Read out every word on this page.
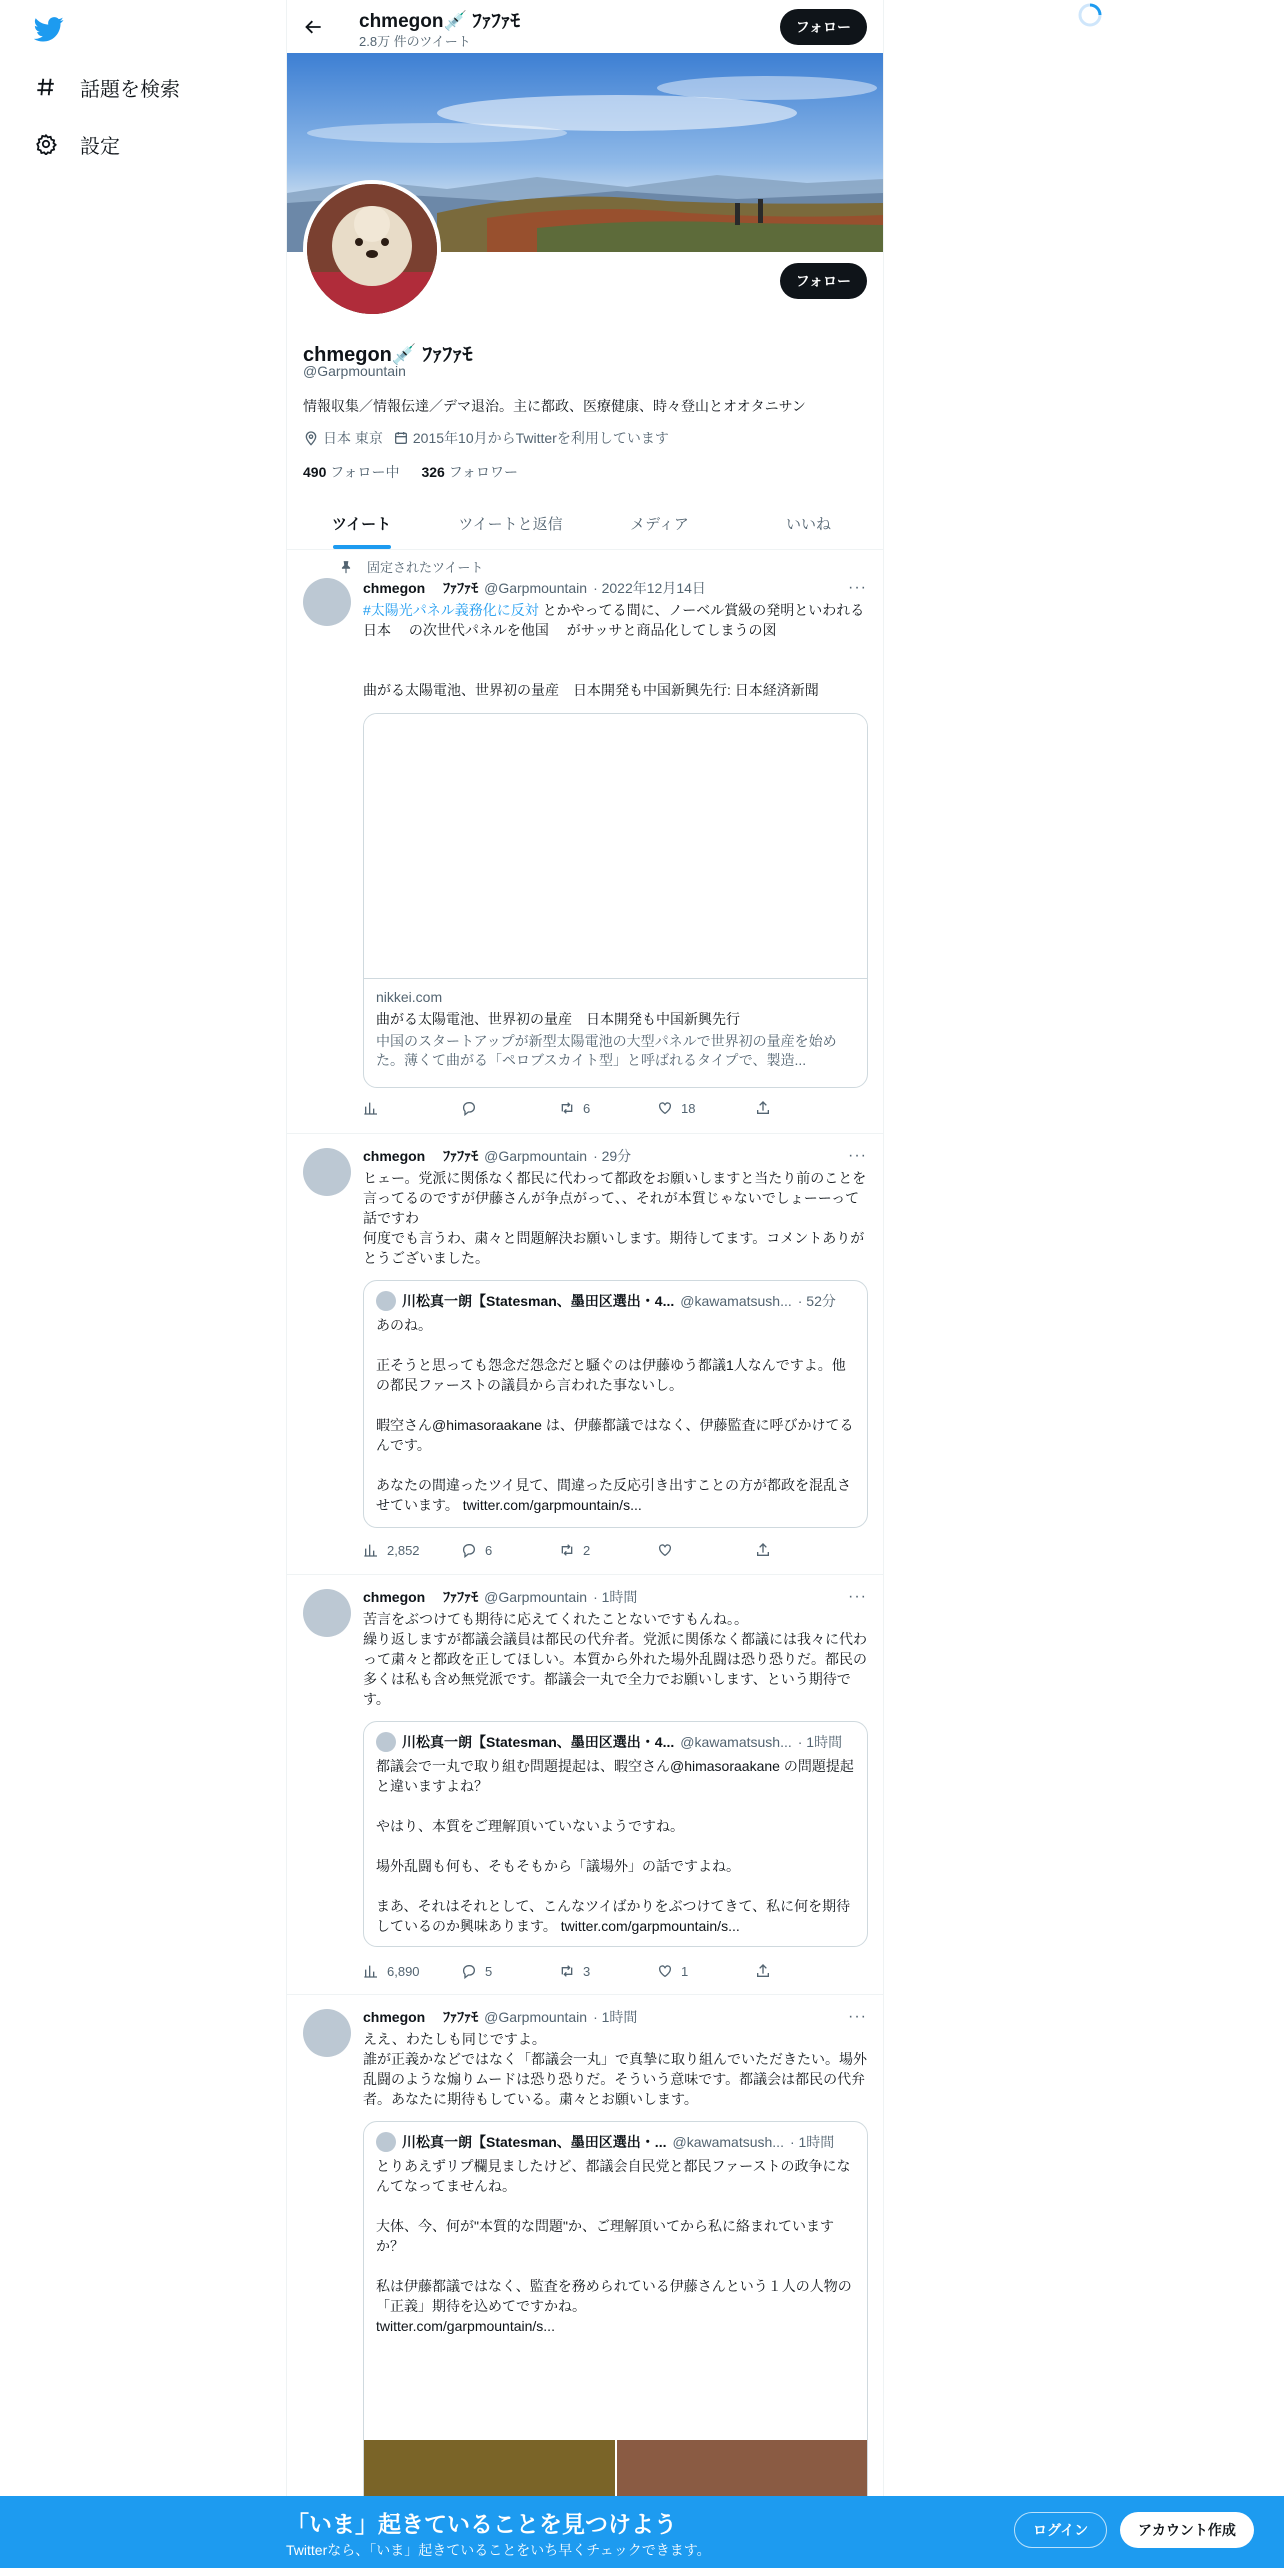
話題を検索
設定
chmegon💉 ﾌｧﾌｧﾓ
2.8万 件のツイート
フォロー
フォロー
chmegon💉 ﾌｧﾌｧﾓ
@Garpmountain
情報収集／情報伝達／デマ退治。主に都政、医療健康、時々登山とオオタニサン
日本 東京 2015年10月からTwitterを利用しています
490 フォロー中 326 フォロワー
ツイート	ツイートと返信	メディア	いいね
固定されたツイート
chmegon　 ﾌｧﾌｧﾓ @Garpmountain · 2022年12月14日	···
#太陽光パネル義務化に反対 とかやってる間に、ノーベル賞級の発明といわれる日本　 の次世代パネルを他国　 がサッサと商品化してしまうの図

曲がる太陽電池、世界初の量産　日本開発も中国新興先行: 日本経済新聞
nikkei.com
曲がる太陽電池、世界初の量産　日本開発も中国新興先行
中国のスタートアップが新型太陽電池の大型パネルで世界初の量産を始めた。薄くて曲がる「ペロブスカイト型」と呼ばれるタイプで、製造...
6	18
chmegon　 ﾌｧﾌｧﾓ @Garpmountain · 29分	···
ヒェー。党派に関係なく都民に代わって都政をお願いしますと当たり前のことを言ってるのですが伊藤さんが争点がって、、それが本質じゃないでしょーーって話ですわ
何度でも言うわ、粛々と問題解決お願いします。期待してます。コメントありがとうございました。
川松真一朗【Statesman、墨田区選出・4... @kawamatsush... · 52分
あのね。

正そうと思っても怨念だ怨念だと騒ぐのは伊藤ゆう都議1人なんですよ。他の都民ファーストの議員から言われた事ないし。

暇空さん@himasoraakane は、伊藤都議ではなく、伊藤監査に呼びかけてるんです。

あなたの間違ったツイ見て、間違った反応引き出すことの方が都政を混乱させています。 twitter.com/garpmountain/s...
2,852	6	2
chmegon　 ﾌｧﾌｧﾓ @Garpmountain · 1時間	···
苦言をぶつけても期待に応えてくれたことないですもんね。。
繰り返しますが都議会議員は都民の代弁者。党派に関係なく都議には我々に代わって粛々と都政を正してほしい。本質から外れた場外乱闘は恐り恐りだ。都民の多くは私も含め無党派です。都議会一丸で全力でお願いします、という期待です。
川松真一朗【Statesman、墨田区選出・4... @kawamatsush... · 1時間
都議会で一丸で取り組む問題提起は、暇空さん@himasoraakane の問題提起と違いますよね？

やはり、本質をご理解頂いていないようですね。

場外乱闘も何も、そもそもから「議場外」の話ですよね。

まあ、それはそれとして、こんなツイばかりをぶつけてきて、私に何を期待しているのか興味あります。 twitter.com/garpmountain/s...
6,890	5	3	1
chmegon　 ﾌｧﾌｧﾓ @Garpmountain · 1時間	···
ええ、わたしも同じですよ。
誰が正義かなどではなく「都議会一丸」で真摯に取り組んでいただきたい。場外乱闘のような煽りムードは恐り恐りだ。そういう意味です。都議会は都民の代弁者。あなたに期待もしている。粛々とお願いします。
川松真一朗【Statesman、墨田区選出・... @kawamatsush... · 1時間
とりあえずリプ欄見ましたけど、都議会自民党と都民ファーストの政争になんてなってませんね。

大体、今、何が"本質的な問題"か、ご理解頂いてから私に絡まれていますか？

私は伊藤都議ではなく、監査を務められている伊藤さんという１人の人物の「正義」期待を込めてですかね。
twitter.com/garpmountain/s...
「いま」起きていることを見つけよう
Twitterなら、「いま」起きていることをいち早くチェックできます。
ログイン	アカウント作成
